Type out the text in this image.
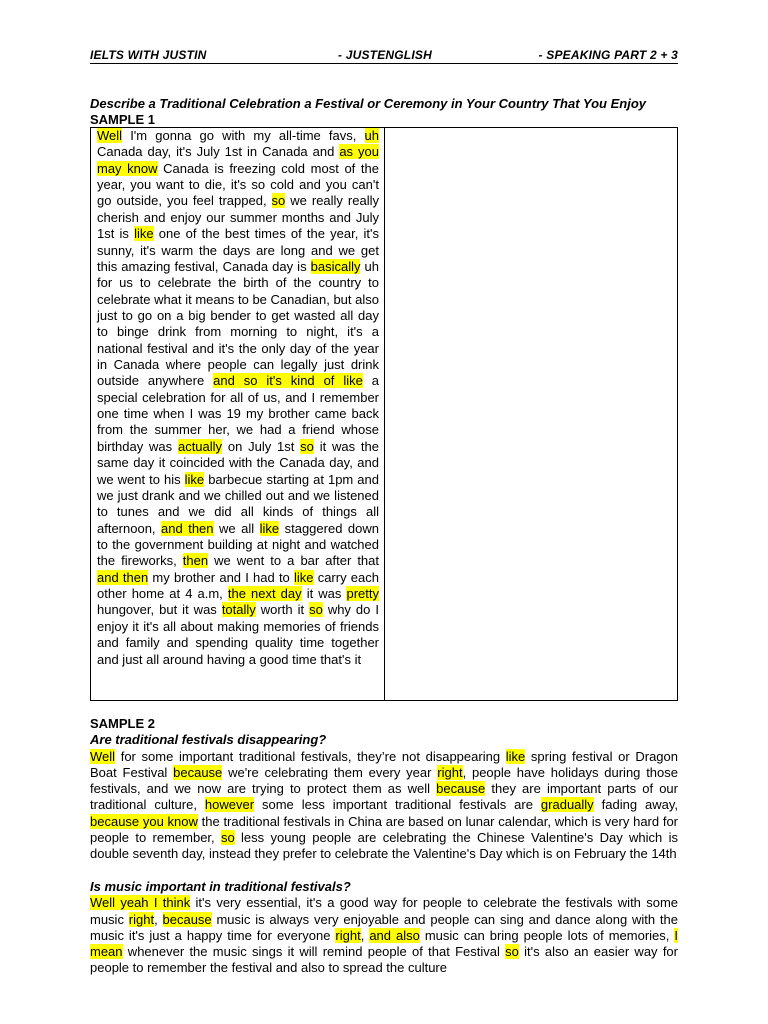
IELTS WITH JUSTIN	- JUSTENGLISH	- SPEAKING PART 2 + 3
Describe a Traditional Celebration a Festival or Ceremony in Your Country That You Enjoy
SAMPLE 1
Well I'm gonna go with my all-time favs, uh Canada day, it's July 1st in Canada and as you may know Canada is freezing cold most of the year, you want to die, it's so cold and you can't go outside, you feel trapped, so we really really cherish and enjoy our summer months and July 1st is like one of the best times of the year, it's sunny, it's warm the days are long and we get this amazing festival, Canada day is basically uh for us to celebrate the birth of the country to celebrate what it means to be Canadian, but also just to go on a big bender to get wasted all day to binge drink from morning to night, it's a national festival and it's the only day of the year in Canada where people can legally just drink outside anywhere and so it's kind of like a special celebration for all of us, and I remember one time when I was 19 my brother came back from the summer her, we had a friend whose birthday was actually on July 1st so it was the same day it coincided with the Canada day, and we went to his like barbecue starting at 1pm and we just drank and we chilled out and we listened to tunes and we did all kinds of things all afternoon, and then we all like staggered down to the government building at night and watched the fireworks, then we went to a bar after that and then my brother and I had to like carry each other home at 4 a.m, the next day it was pretty hungover, but it was totally worth it so why do I enjoy it it's all about making memories of friends and family and spending quality time together and just all around having a good time that's it
SAMPLE 2
Are traditional festivals disappearing?

Well for some important traditional festivals, they’re not disappearing like spring festival or Dragon Boat Festival because we're celebrating them every year right, people have holidays during those festivals, and we now are trying to protect them as well because they are important parts of our traditional culture, however some less important traditional festivals are gradually fading away, because you know the traditional festivals in China are based on lunar calendar, which is very hard for people to remember, so less young people are celebrating the Chinese Valentine's Day which is double seventh day, instead they prefer to celebrate the Valentine's Day which is on February the 14th

Is music important in traditional festivals?

Well yeah I think it's very essential, it's a good way for people to celebrate the festivals with some music right, because music is always very enjoyable and people can sing and dance along with the music it's just a happy time for everyone right, and also music can bring people lots of memories, I mean whenever the music sings it will remind people of that Festival so it's also an easier way for people to remember the festival and also to spread the culture
